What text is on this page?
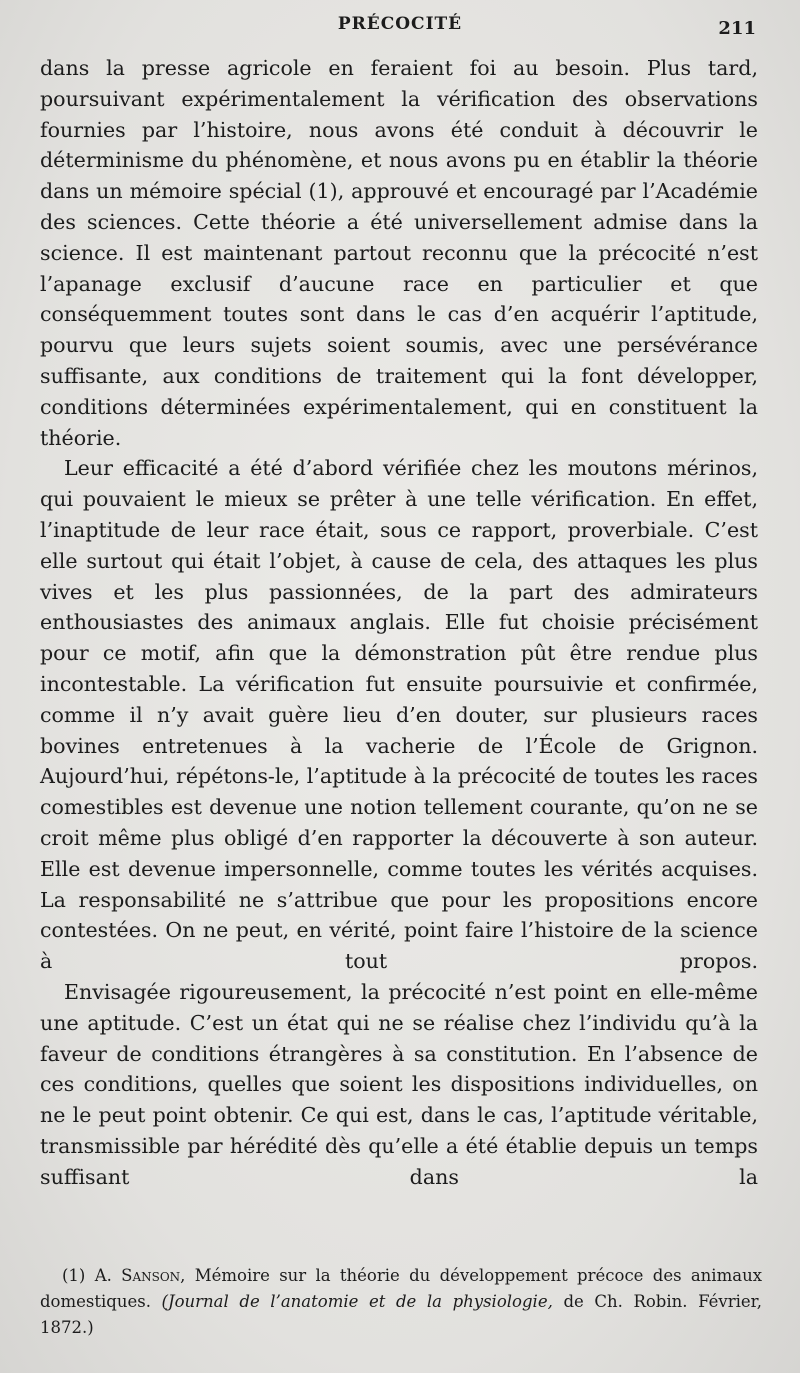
PRÉCOCITÉ	211

dans la presse agricole en feraient foi au besoin. Plus tard, poursuivant expérimentalement la vérification des observations fournies par l’histoire, nous avons été conduit à découvrir le déterminisme du phénomène, et nous avons pu en établir la théorie dans un mémoire spécial (1), approuvé et encouragé par l’Académie des sciences. Cette théorie a été universellement admise dans la science. Il est maintenant partout reconnu que la précocité n’est l’apanage exclusif d’aucune race en particulier et que conséquemment toutes sont dans le cas d’en acquérir l’aptitude, pourvu que leurs sujets soient soumis, avec une persévérance suffisante, aux conditions de traitement qui la font développer, conditions déterminées expérimentalement, qui en constituent la théorie.

Leur efficacité a été d’abord vérifiée chez les moutons mérinos, qui pouvaient le mieux se prêter à une telle vérification. En effet, l’inaptitude de leur race était, sous ce rapport, proverbiale. C’est elle surtout qui était l’objet, à cause de cela, des attaques les plus vives et les plus passionnées, de la part des admirateurs enthousiastes des animaux anglais. Elle fut choisie précisément pour ce motif, afin que la démonstration pût être rendue plus incontestable. La vérification fut ensuite poursuivie et confirmée, comme il n’y avait guère lieu d’en douter, sur plusieurs races bovines entretenues à la vacherie de l’École de Grignon. Aujourd’hui, répétons-le, l’aptitude à la précocité de toutes les races comestibles est devenue une notion tellement courante, qu’on ne se croit même plus obligé d’en rapporter la découverte à son auteur. Elle est devenue impersonnelle, comme toutes les vérités acquises. La responsabilité ne s’attribue que pour les propositions encore contestées. On ne peut, en vérité, point faire l’histoire de la science à tout propos.

Envisagée rigoureusement, la précocité n’est point en elle-même une aptitude. C’est un état qui ne se réalise chez l’individu qu’à la faveur de conditions étrangères à sa constitution. En l’absence de ces conditions, quelles que soient les dispositions individuelles, on ne le peut point obtenir. Ce qui est, dans le cas, l’aptitude véritable, transmissible par hérédité dès qu’elle a été établie depuis un temps suffisant dans la

(1) A. Sanson, Mémoire sur la théorie du développement précoce des animaux domestiques. (Journal de l’anatomie et de la physiologie, de Ch. Robin. Février, 1872.)
